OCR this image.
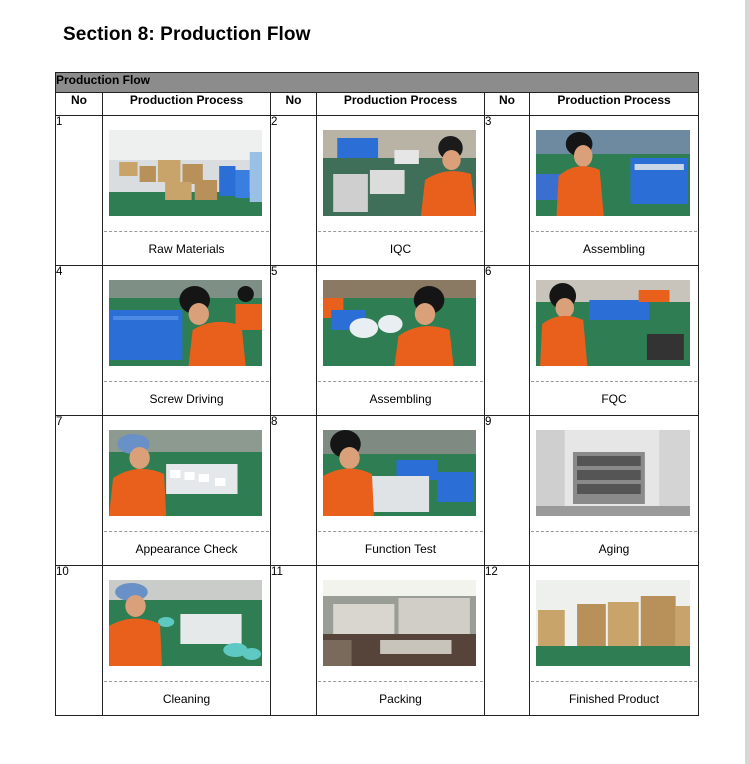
Section 8: Production Flow
Production Flow					
No	Production Process	No	Production Process	No	Production Process
1	Raw Materials	2	IQC	3	Assembling

4	Screw Driving	5	Assembling	6	FQC

7	Appearance Check	8	Function Test	9	Aging

10	Cleaning	11	Packing	12	Finished Product
